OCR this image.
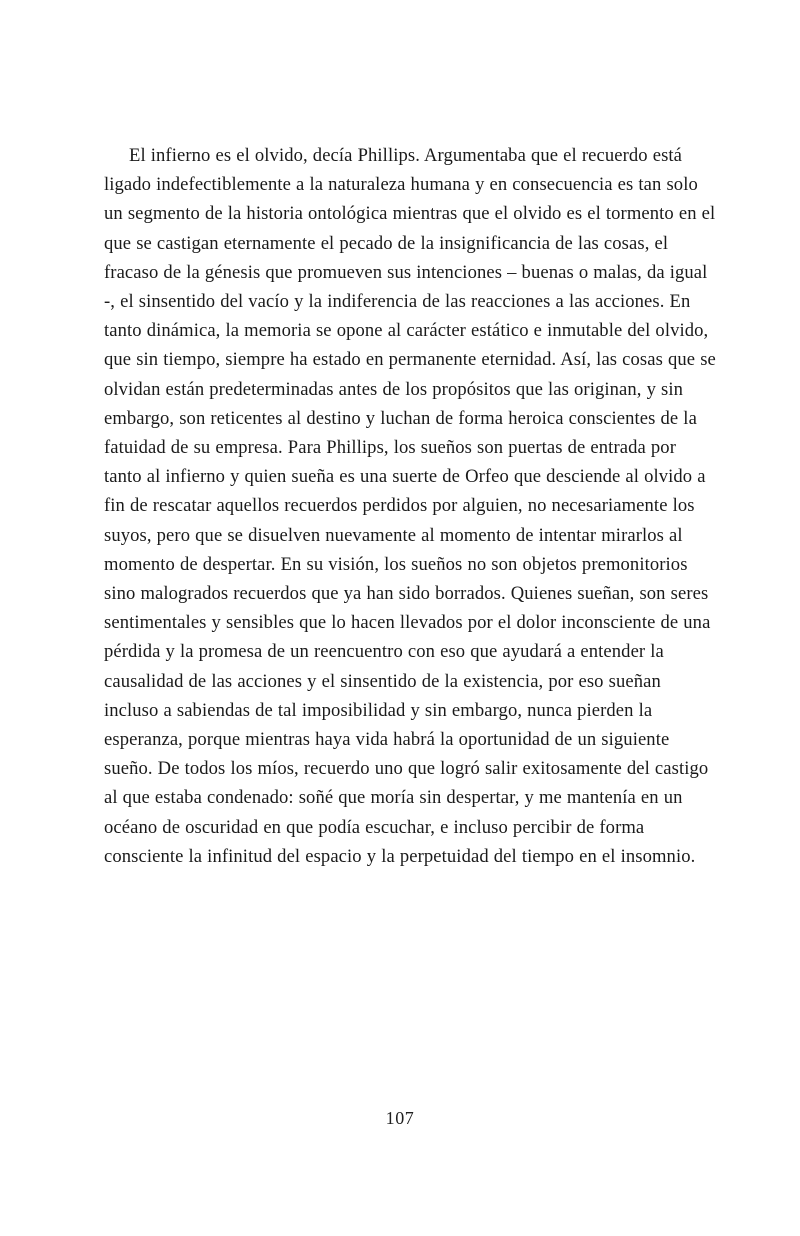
El infierno es el olvido, decía Phillips. Argumentaba que el recuerdo está ligado indefectiblemente a la naturaleza humana y en consecuencia es tan solo un segmento de la historia ontológica mientras que el olvido es el tormento en el que se castigan eternamente el pecado de la insignificancia de las cosas, el fracaso de la génesis que promueven sus intenciones – buenas o malas, da igual -, el sinsentido del vacío y la indiferencia de las reacciones a las acciones. En tanto dinámica, la memoria se opone al carácter estático e inmutable del olvido, que sin tiempo, siempre ha estado en permanente eternidad. Así, las cosas que se olvidan están predeterminadas antes de los propósitos que las originan, y sin embargo, son reticentes al destino y luchan de forma heroica conscientes de la fatuidad de su empresa. Para Phillips, los sueños son puertas de entrada por tanto al infierno y quien sueña es una suerte de Orfeo que desciende al olvido a fin de rescatar aquellos recuerdos perdidos por alguien, no necesariamente los suyos, pero que se disuelven nuevamente al momento de intentar mirarlos al momento de despertar. En su visión, los sueños no son objetos premonitorios sino malogrados recuerdos que ya han sido borrados. Quienes sueñan, son seres sentimentales y sensibles que lo hacen llevados por el dolor inconsciente de una pérdida y la promesa de un reencuentro con eso que ayudará a entender la causalidad de las acciones y el sinsentido de la existencia, por eso sueñan incluso a sabiendas de tal imposibilidad y sin embargo, nunca pierden la esperanza, porque mientras haya vida habrá la oportunidad de un siguiente sueño. De todos los míos, recuerdo uno que logró salir exitosamente del castigo al que estaba condenado: soñé que moría sin despertar, y me mantenía en un océano de oscuridad en que podía escuchar, e incluso percibir de forma consciente la infinitud del espacio y la perpetuidad del tiempo en el insomnio.

107
